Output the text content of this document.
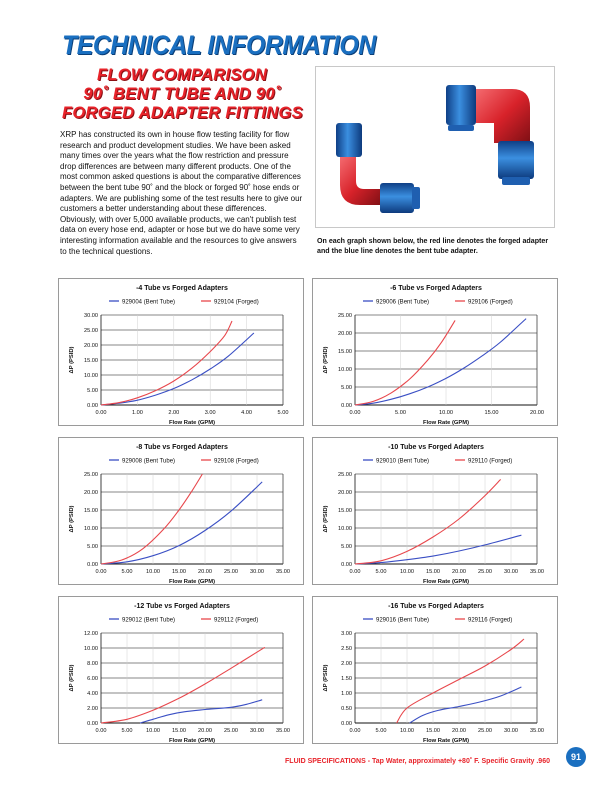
TECHNICAL INFORMATION
FLOW COMPARISON
90˚ BENT TUBE AND 90˚
FORGED ADAPTER FITTINGS

XRP has constructed its own in house flow testing facility for flow research and product development studies. We have been asked many times over the years what the flow restriction and pressure drop differences are between many different products. One of the most common asked questions is about the comparative differences between the bent tube 90˚ and the block or forged 90˚ hose ends or adapters. We are publishing some of the test results here to give our customers a better understanding about these differences. Obviously, with over 5,000 available products, we can't publish test data on every hose end, adapter or hose but we do have some very interesting information available and the resources to give answers to the technical questions.

On each graph shown below, the red line denotes the forged adapter and the blue line denotes the bent tube adapter.

-4 Tube vs Forged Adapters
929004 (Bent Tube)	929104 (Forged)
0.00
5.00
10.00
15.00
20.00
25.00
30.00
0.00	1.00	2.00	3.00	4.00	5.00
Flow Rate (GPM)
ΔP (PSID)
-6 Tube vs Forged Adapters
929006 (Bent Tube)	929106 (Forged)
0.00
5.00
10.00
15.00
20.00
25.00
0.00	5.00	10.00	15.00	20.00
Flow Rate (GPM)
ΔP (PSID)
-8 Tube vs Forged Adapters
929008 (Bent Tube)	929108 (Forged)
0.00
5.00
10.00
15.00
20.00
25.00
0.00	5.00 10.00 15.00 20.00 25.00 30.00 35.00
Flow Rate (GPM)
ΔP (PSID)
-10 Tube vs Forged Adapters
929010 (Bent Tube)	929110 (Forged)
0.00
5.00
10.00
15.00
20.00
25.00
0.00	5.00 10.00 15.00 20.00 25.00 30.00 35.00
Flow Rate (GPM)
ΔP (PSID)
-12 Tube vs Forged Adapters
929012 (Bent Tube)	929112 (Forged)
0.00
2.00
4.00
6.00
8.00
10.00
12.00
0.00	5.00 10.00 15.00 20.00 25.00 30.00 35.00
Flow Rate (GPM)
ΔP (PSID)
-16 Tube vs Forged Adapters
929016 (Bent Tube)	929116 (Forged)
0.00
0.50
1.00
1.50
2.00
2.50
3.00
0.00	5.00 10.00 15.00 20.00 25.00 30.00 35.00
Flow Rate (GPM)
ΔP (PSID)
FLUID SPECIFICATIONS - Tap Water, approximately +80˚ F. Specific Gravity .960	91
